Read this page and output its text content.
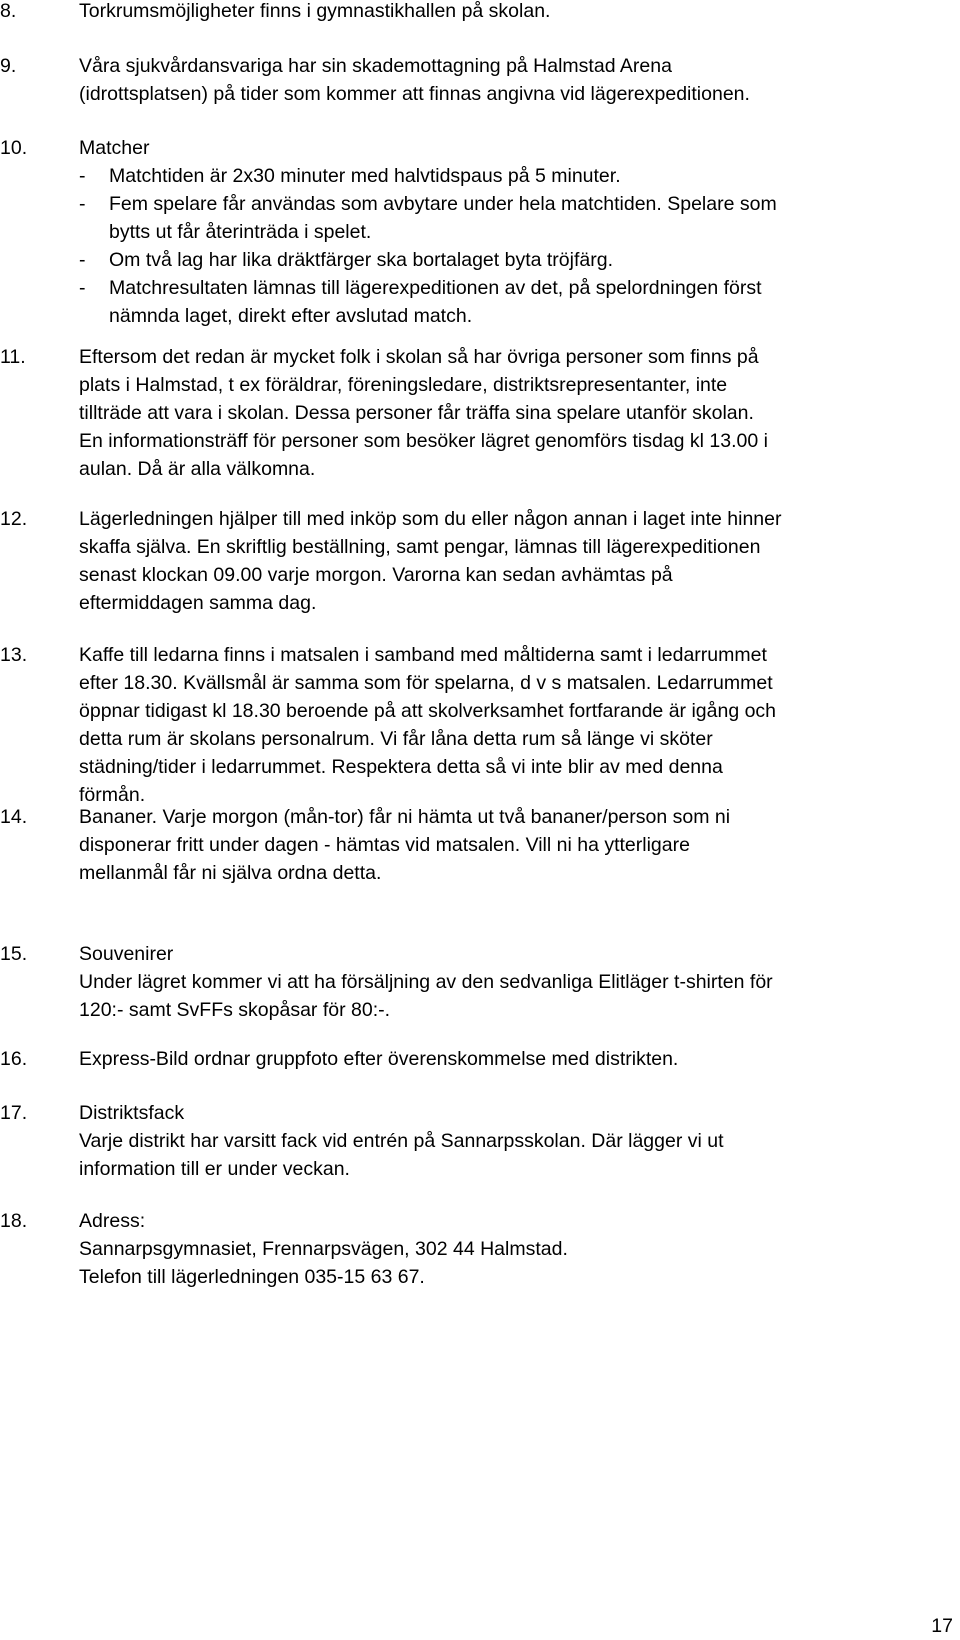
8.	Torkrumsmöjligheter finns i gymnastikhallen på skolan.
9.	Våra sjukvårdansvariga har sin skademottagning på Halmstad Arena
(idrottsplatsen) på tider som kommer att finnas angivna vid lägerexpeditionen.
10.	Matcher
- Matchtiden är 2x30 minuter med halvtidspaus på 5 minuter.
- Fem spelare får användas som avbytare under hela matchtiden. Spelare som
bytts ut får återinträda i spelet.
- Om två lag har lika dräktfärger ska bortalaget byta tröjfärg.
- Matchresultaten lämnas till lägerexpeditionen av det, på spelordningen först
nämnda laget, direkt efter avslutad match.
11.	Eftersom det redan är mycket folk i skolan så har övriga personer som finns på
plats i Halmstad, t ex föräldrar, föreningsledare, distriktsrepresentanter, inte
tillträde att vara i skolan. Dessa personer får träffa sina spelare utanför skolan.
En informationsträff för personer som besöker lägret genomförs tisdag kl 13.00 i
aulan. Då är alla välkomna.
12.	Lägerledningen hjälper till med inköp som du eller någon annan i laget inte hinner
skaffa själva. En skriftlig beställning, samt pengar, lämnas till lägerexpeditionen
senast klockan 09.00 varje morgon. Varorna kan sedan avhämtas på
eftermiddagen samma dag.
13.	Kaffe till ledarna finns i matsalen i samband med måltiderna samt i ledarrummet
efter 18.30. Kvällsmål är samma som för spelarna, d v s matsalen. Ledarrummet
öppnar tidigast kl 18.30 beroende på att skolverksamhet fortfarande är igång och
detta rum är skolans personalrum. Vi får låna detta rum så länge vi sköter
städning/tider i ledarrummet. Respektera detta så vi inte blir av med denna
förmån.
14.	Bananer. Varje morgon (mån-tor) får ni hämta ut två bananer/person som ni
disponerar fritt under dagen - hämtas vid matsalen. Vill ni ha ytterligare
mellanmål får ni själva ordna detta.
15.	Souvenirer
Under lägret kommer vi att ha försäljning av den sedvanliga Elitläger t-shirten för
120:- samt SvFFs skopåsar för 80:-.
16.	Express-Bild ordnar gruppfoto efter överenskommelse med distrikten.
17.	Distriktsfack
Varje distrikt har varsitt fack vid entrén på Sannarpsskolan. Där lägger vi ut
information till er under veckan.
18.	Adress:
Sannarpsgymnasiet, Frennarpsvägen, 302 44 Halmstad.
Telefon till lägerledningen 035-15 63 67.
17
